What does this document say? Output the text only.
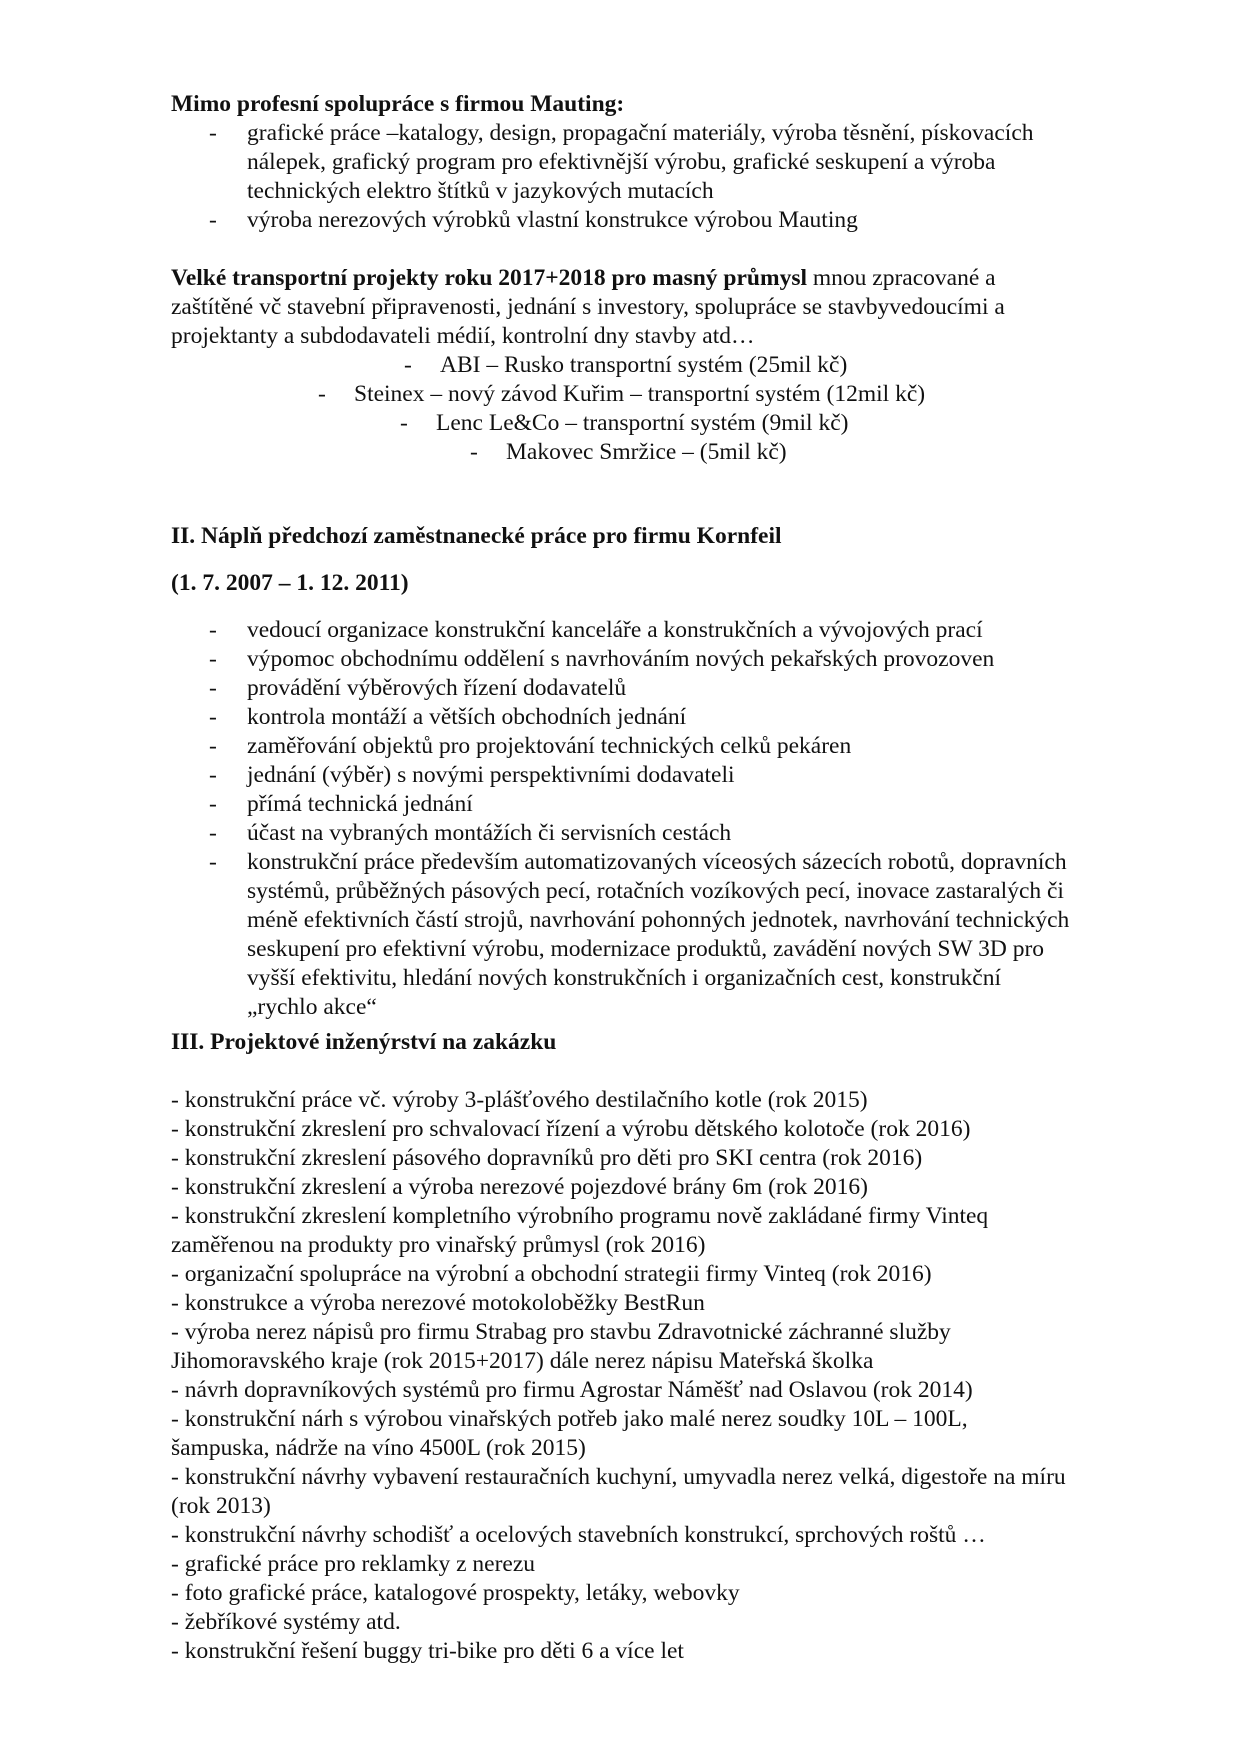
Mimo profesní spolupráce s firmou Mauting:

- grafické práce –katalogy, design, propagační materiály, výroba těsnění, pískovacích nálepek, grafický program pro efektivnější výrobu, grafické seskupení a výroba technických elektro štítků v jazykových mutacích
- výroba nerezových výrobků vlastní konstrukce výrobou Mauting

Velké transportní projekty roku 2017+2018 pro masný průmysl mnou zpracované a zaštítěné vč stavební připravenosti, jednání s investory, spolupráce se stavbyvedoucími a projektanty a subdodavateli médií, kontrolní dny stavby atd…

- ABI – Rusko transportní systém (25mil kč)
- Steinex – nový závod Kuřim – transportní systém (12mil kč)
- Lenc Le&Co – transportní systém (9mil kč)
- Makovec Smržice – (5mil kč)

II. Náplň předchozí zaměstnanecké práce pro firmu Kornfeil

(1. 7. 2007 – 1. 12. 2011)

- vedoucí organizace konstrukční kanceláře a konstrukčních a vývojových prací
- výpomoc obchodnímu oddělení s navrhováním nových pekařských provozoven
- provádění výběrových řízení dodavatelů
- kontrola montáží a větších obchodních jednání
- zaměřování objektů pro projektování technických celků pekáren
- jednání (výběr) s novými perspektivními dodavateli
- přímá technická jednání
- účast na vybraných montážích či servisních cestách
- konstrukční práce především automatizovaných víceosých sázecích robotů, dopravních systémů, průběžných pásových pecí, rotačních vozíkových pecí, inovace zastaralých či méně efektivních částí strojů, navrhování pohonných jednotek, navrhování technických seskupení pro efektivní výrobu, modernizace produktů, zavádění nových SW 3D pro vyšší efektivitu, hledání nových konstrukčních i organizačních cest, konstrukční „rychlo akce“

III. Projektové inženýrství na zakázku

- konstrukční práce vč. výroby 3-plášťového destilačního kotle (rok 2015)
- konstrukční zkreslení pro schvalovací řízení a výrobu dětského kolotoče (rok 2016)
- konstrukční zkreslení pásového dopravníků pro děti pro SKI centra (rok 2016)
- konstrukční zkreslení a výroba nerezové pojezdové brány 6m (rok 2016)
- konstrukční zkreslení kompletního výrobního programu nově zakládané firmy Vinteq zaměřenou na produkty pro vinařský průmysl (rok 2016)
- organizační spolupráce na výrobní a obchodní strategii firmy Vinteq (rok 2016)
- konstrukce a výroba nerezové motokoloběžky BestRun
- výroba nerez nápisů pro firmu Strabag pro stavbu Zdravotnické záchranné služby Jihomoravského kraje (rok 2015+2017) dále nerez nápisu Mateřská školka
- návrh dopravníkových systémů pro firmu Agrostar Náměšť nad Oslavou (rok 2014)
- konstrukční nárh s výrobou vinařských potřeb jako malé nerez soudky 10L – 100L, šampuska, nádrže na víno 4500L (rok 2015)
- konstrukční návrhy vybavení restauračních kuchyní, umyvadla nerez velká, digestoře na míru (rok 2013)
- konstrukční návrhy schodišť a ocelových stavebních konstrukcí, sprchových roštů …
- grafické práce pro reklamky z nerezu
- foto grafické práce, katalogové prospekty, letáky, webovky
- žebříkové systémy atd.
- konstrukční řešení buggy tri-bike pro děti 6 a více let
